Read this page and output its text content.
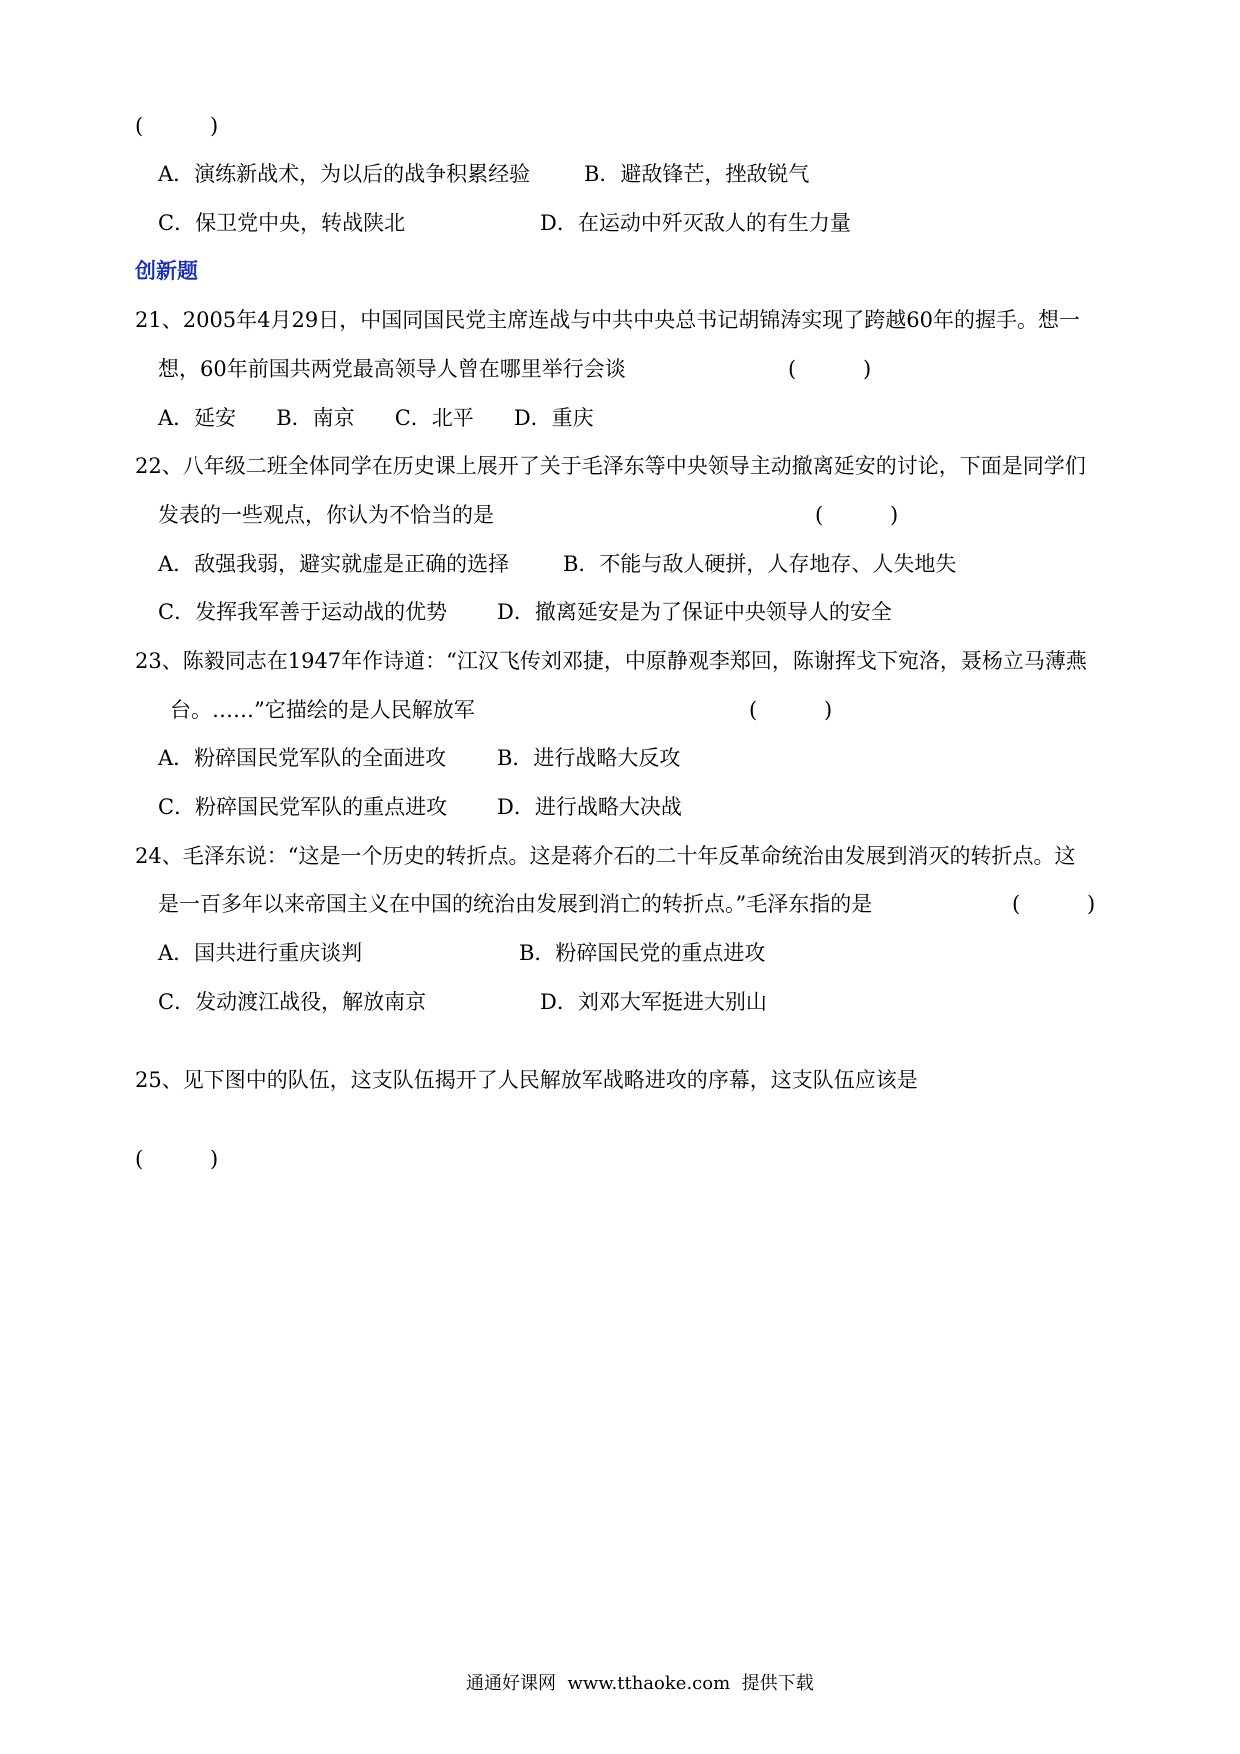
(          )
A．演练新战术，为以后的战争积累经验	B．避敌锋芒，挫敌锐气
C．保卫党中央，转战陕北	D．在运动中歼灭敌人的有生力量
创新题
21、2005年4月29日，中国同国民党主席连战与中共中央总书记胡锦涛实现了跨越60年的握手。想一
想，60年前国共两党最高领导人曾在哪里举行会谈	(          )
A．延安      B．南京      C．北平      D．重庆
22、八年级二班全体同学在历史课上展开了关于毛泽东等中央领导主动撤离延安的讨论，下面是同学们
发表的一些观点，你认为不恰当的是	(          )
A．敌强我弱，避实就虚是正确的选择	B．不能与敌人硬拼，人存地存、人失地失
C．发挥我军善于运动战的优势 D．撤离延安是为了保证中央领导人的安全
23、陈毅同志在1947年作诗道：“江汉飞传刘邓捷，中原静观李郑回，陈谢挥戈下宛洛，聂杨立马薄燕
台。……”它描绘的是人民解放军	(          )
A．粉碎国民党军队的全面进攻 B．进行战略大反攻
C．粉碎国民党军队的重点进攻 D．进行战略大决战
24、毛泽东说：“这是一个历史的转折点。这是蒋介石的二十年反革命统治由发展到消灭的转折点。这
是一百多年以来帝国主义在中国的统治由发展到消亡的转折点。”毛泽东指的是	(          )
A．国共进行重庆谈判	B．粉碎国民党的重点进攻
C．发动渡江战役，解放南京	D．刘邓大军挺进大别山
25、见下图中的队伍，这支队伍揭开了人民解放军战略进攻的序幕，这支队伍应该是
(          )
通通好课网  www.tthaoke.com  提供下载
